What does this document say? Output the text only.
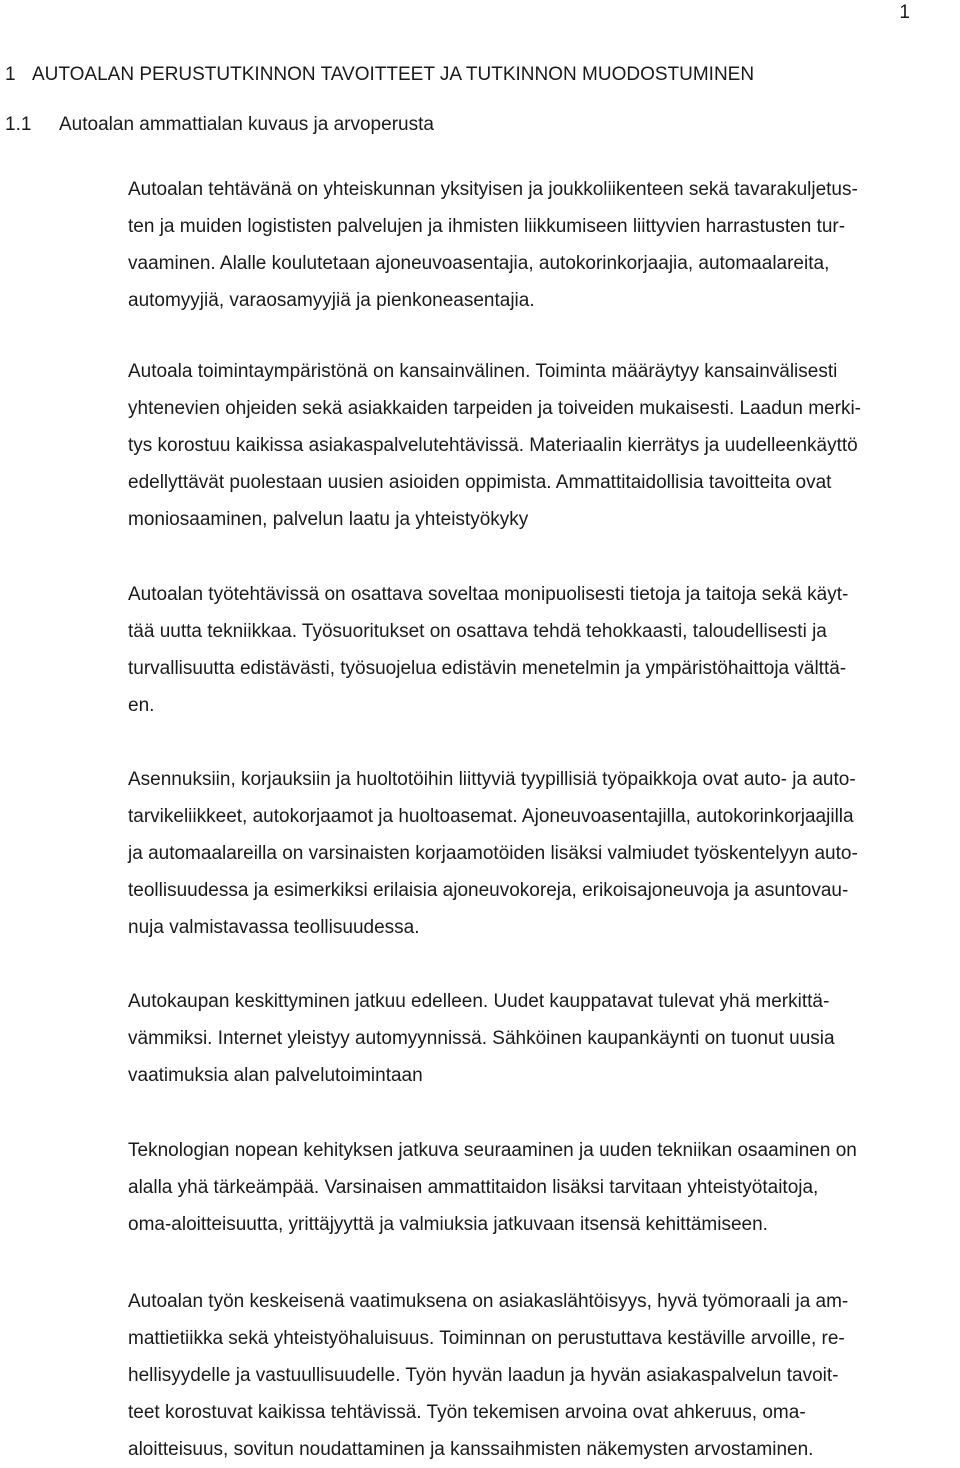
1
1 AUTOALAN PERUSTUTKINNON TAVOITTEET JA TUTKINNON MUODOSTUMINEN
1.1 Autoalan ammattialan kuvaus ja arvoperusta
Autoalan tehtävänä on yhteiskunnan yksityisen ja joukkoliikenteen sekä tavarakuljetus-
ten ja muiden logististen palvelujen ja ihmisten liikkumiseen liittyvien harrastusten tur-
vaaminen. Alalle koulutetaan ajoneuvoasentajia, autokorinkorjaajia, automaalareita,
automyyjiä, varaosamyyjiä ja pienkoneasentajia.
Autoala toimintaympäristönä on kansainvälinen. Toiminta määräytyy kansainvälisesti
yhtenevien ohjeiden sekä asiakkaiden tarpeiden ja toiveiden mukaisesti. Laadun merki-
tys korostuu kaikissa asiakaspalvelutehtävissä. Materiaalin kierrätys ja uudelleenkäyttö
edellyttävät puolestaan uusien asioiden oppimista. Ammattitaidollisia tavoitteita ovat
moniosaaminen, palvelun laatu ja yhteistyökyky
Autoalan työtehtävissä on osattava soveltaa monipuolisesti tietoja ja taitoja sekä käyt-
tää uutta tekniikkaa. Työsuoritukset on osattava tehdä tehokkaasti, taloudellisesti ja
turvallisuutta edistävästi, työsuojelua edistävin menetelmin ja ympäristöhaittoja välttä-
en.
Asennuksiin, korjauksiin ja huoltotöihin liittyviä tyypillisiä työpaikkoja ovat auto- ja auto-
tarvikeliikkeet, autokorjaamot ja huoltoasemat. Ajoneuvoasentajilla, autokorinkorjaajilla
ja automaalareilla on varsinaisten korjaamotöiden lisäksi valmiudet työskentelyyn auto-
teollisuudessa ja esimerkiksi erilaisia ajoneuvokoreja, erikoisajoneuvoja ja asuntovau-
nuja valmistavassa teollisuudessa.
Autokaupan keskittyminen jatkuu edelleen. Uudet kauppatavat tulevat yhä merkittä-
vämmiksi. Internet yleistyy automyynnissä. Sähköinen kaupankäynti on tuonut uusia
vaatimuksia alan palvelutoimintaan
Teknologian nopean kehityksen jatkuva seuraaminen ja uuden tekniikan osaaminen on
alalla yhä tärkeämpää. Varsinaisen ammattitaidon lisäksi tarvitaan yhteistyötaitoja,
oma-aloitteisuutta, yrittäjyyttä ja valmiuksia jatkuvaan itsensä kehittämiseen.
Autoalan työn keskeisenä vaatimuksena on asiakaslähtöisyys, hyvä työmoraali ja am-
mattietiikka sekä yhteistyöhaluisuus. Toiminnan on perustuttava kestäville arvoille, re-
hellisyydelle ja vastuullisuudelle. Työn hyvän laadun ja hyvän asiakaspalvelun tavoit-
teet korostuvat kaikissa tehtävissä. Työn tekemisen arvoina ovat ahkeruus, oma-
aloitteisuus, sovitun noudattaminen ja kanssaihmisten näkemysten arvostaminen.
